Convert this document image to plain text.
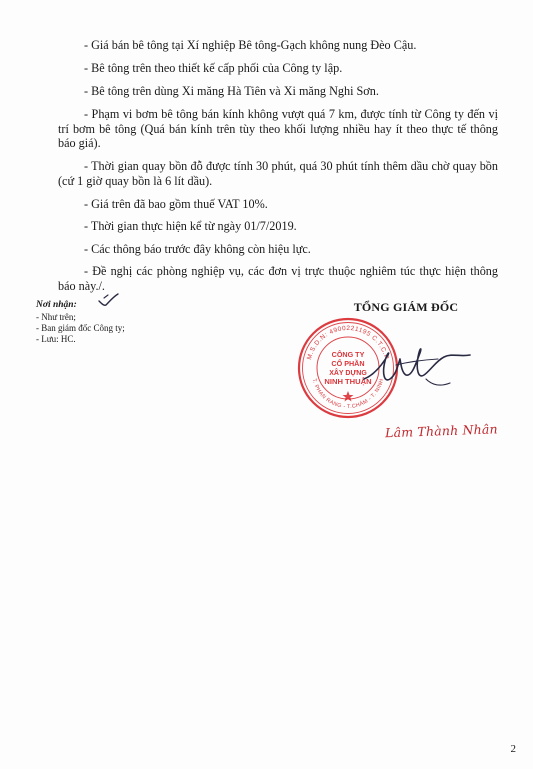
- Giá bán bê tông tại Xí nghiệp Bê tông-Gạch không nung Đèo Cậu.

- Bê tông trên theo thiết kế cấp phối của Công ty lập.

- Bê tông trên dùng Xi măng Hà Tiên và Xi măng Nghi Sơn.

- Phạm vi bơm bê tông bán kính không vượt quá 7 km, được tính từ Công ty đến vị trí bơm bê tông (Quá bán kính trên tùy theo khối lượng nhiều hay ít theo thực tế thông báo giá).

- Thời gian quay bồn đỗ được tính 30 phút, quá 30 phút tính thêm dầu chờ quay bồn (cứ 1 giờ quay bồn là 6 lít dầu).

- Giá trên đã bao gồm thuế VAT 10%.

- Thời gian thực hiện kể từ ngày 01/7/2019.

- Các thông báo trước đây không còn hiệu lực.

- Đề nghị các phòng nghiệp vụ, các đơn vị trực thuộc nghiêm túc thực hiện thông báo này./.

Nơi nhận:
- Như trên;
- Ban giám đốc Công ty;
- Lưu: HC.
TỔNG GIÁM ĐỐC
M.S.D.N: 4900221195 C.T.C.P
T. PHAN RANG - T.CHÀM - T. NINH
CÔNG TY
CỔ PHẦN
XÂY DỰNG
NINH THUẬN
Lâm Thành Nhân
2
